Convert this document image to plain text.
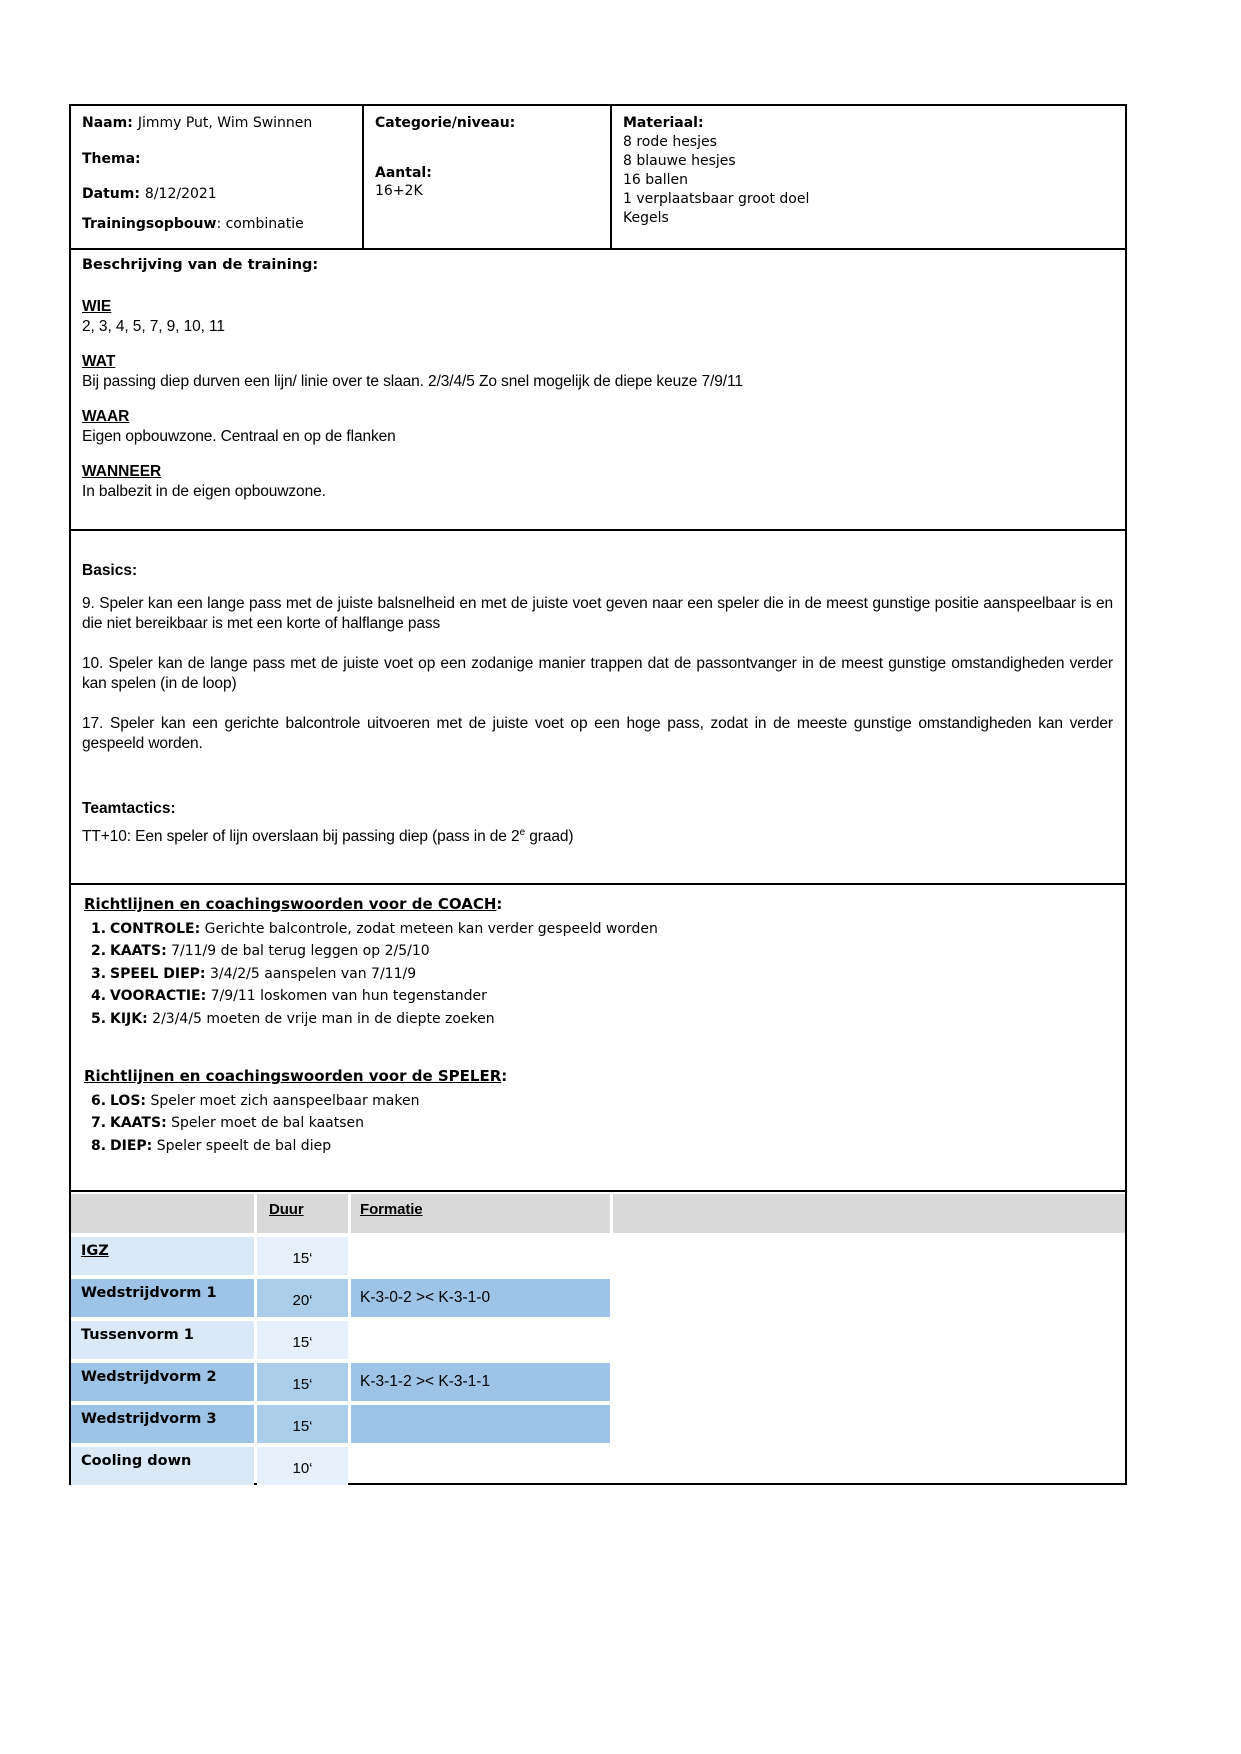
Naam: Jimmy Put, Wim Swinnen
Thema:
Datum: 8/12/2021
Trainingsopbouw: combinatie
Categorie/niveau:
Aantal:
16+2K
Materiaal:
8 rode hesjes
8 blauwe hesjes
16 ballen
1 verplaatsbaar groot doel
Kegels
Beschrijving van de training:
WIE
2, 3, 4, 5, 7, 9, 10, 11
WAT
Bij passing diep durven een lijn/ linie over te slaan. 2/3/4/5 Zo snel mogelijk de diepe keuze 7/9/11
WAAR
Eigen opbouwzone. Centraal en op de flanken
WANNEER
In balbezit in de eigen opbouwzone.
Basics:
9. Speler kan een lange pass met de juiste balsnelheid en met de juiste voet geven naar een speler die in de meest gunstige positie aanspeelbaar is en die niet bereikbaar is met een korte of halflange pass
10. Speler kan de lange pass met de juiste voet op een zodanige manier trappen dat de passontvanger in de meest gunstige omstandigheden verder kan spelen (in de loop)
17. Speler kan een gerichte balcontrole uitvoeren met de juiste voet op een hoge pass, zodat in de meeste gunstige omstandigheden kan verder gespeeld worden.
Teamtactics:
TT+10: Een speler of lijn overslaan bij passing diep (pass in de 2e graad)
Richtlijnen en coachingswoorden voor de COACH:
1. CONTROLE: Gerichte balcontrole, zodat meteen kan verder gespeeld worden
2. KAATS: 7/11/9 de bal terug leggen op 2/5/10
3. SPEEL DIEP: 3/4/2/5 aanspelen van 7/11/9
4. VOORACTIE: 7/9/11 loskomen van hun tegenstander
5. KIJK: 2/3/4/5 moeten de vrije man in de diepte zoeken
Richtlijnen en coachingswoorden voor de SPELER:
6. LOS: Speler moet zich aanspeelbaar maken
7. KAATS: Speler moet de bal kaatsen
8. DIEP: Speler speelt de bal diep
Duur	Formatie
IGZ	15‘
Wedstrijdvorm 1	20‘	K-3-0-2 >< K-3-1-0
Tussenvorm 1	15‘
Wedstrijdvorm 2	15‘	K-3-1-2 >< K-3-1-1
Wedstrijdvorm 3	15‘
Cooling down	10‘
